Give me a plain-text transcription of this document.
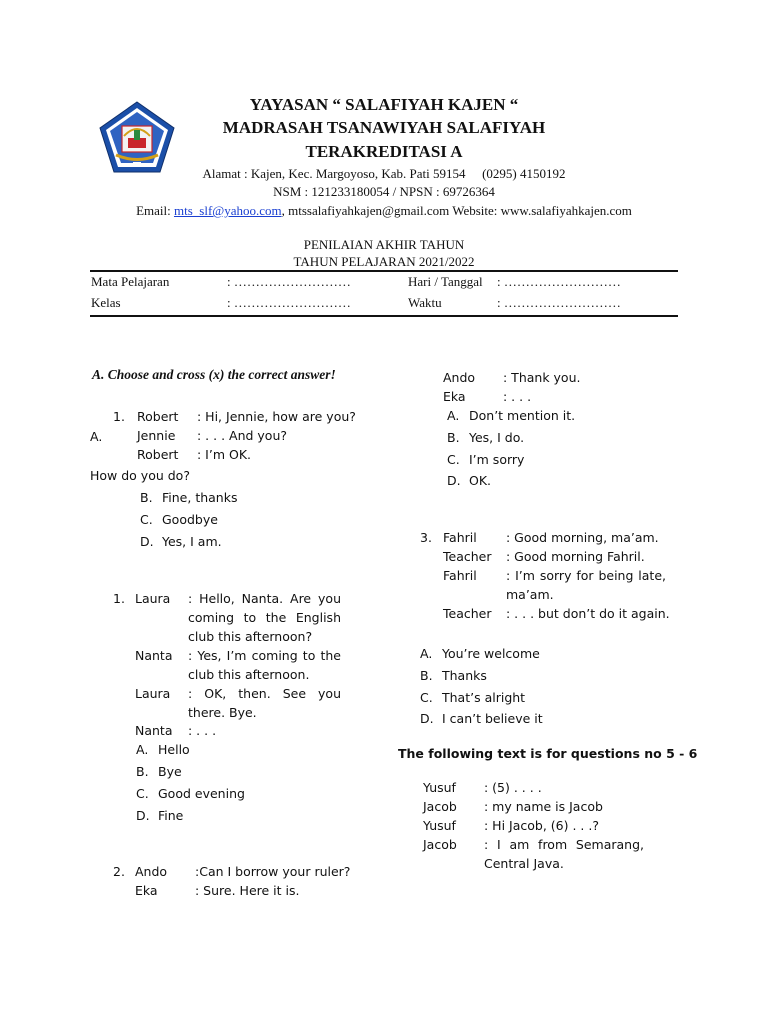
YAYASAN “ SALAFIYAH KAJEN “
MADRASAH TSANAWIYAH SALAFIYAH
TERAKREDITASI A
Alamat : Kajen, Kec. Margoyoso, Kab. Pati 59154 (0295) 4150192
NSM : 121233180054 / NPSN : 69726364
Email: mts_slf@yahoo.com, mtssalafiyahkajen@gmail.com Website: www.salafiyahkajen.com
PENILAIAN AKHIR TAHUN
TAHUN PELAJARAN 2021/2022
Mata Pelajaran	: ………………………	Hari / Tanggal : ………………………
Kelas	: ………………………	Waktu	: ………………………
A. Choose and cross (x) the correct answer!
1. Robert : Hi, Jennie, how are you?
Jennie : . . . And you?
Robert : I’m OK.
A.
How do you do?
B. Fine, thanks
C. Goodbye
D. Yes, I am.
1. Laura : Hello, Nanta. Are you coming to the English club this afternoon?
Nanta : Yes, I’m coming to the club this afternoon.
Laura : OK, then. See you there. Bye.
Nanta : . . .
A. Hello
B. Bye
C. Good evening
D. Fine
2. Ando :Can I borrow your ruler?
Eka	: Sure. Here it is.
Ando : Thank you.
Eka	: . . .
A. Don’t mention it.
B. Yes, I do.
C. I’m sorry
D. OK.
3. Fahril : Good morning, ma’am.
Teacher : Good morning Fahril.
Fahril : I’m sorry for being late, ma’am.
Teacher : . . . but don’t do it again.
A. You’re welcome
B. Thanks
C. That’s alright
D. I can’t believe it
The following text is for questions no 5 - 6
Yusuf : (5) . . . .
Jacob : my name is Jacob
Yusuf : Hi Jacob, (6) . . .?
Jacob : I am from Semarang, Central Java.
